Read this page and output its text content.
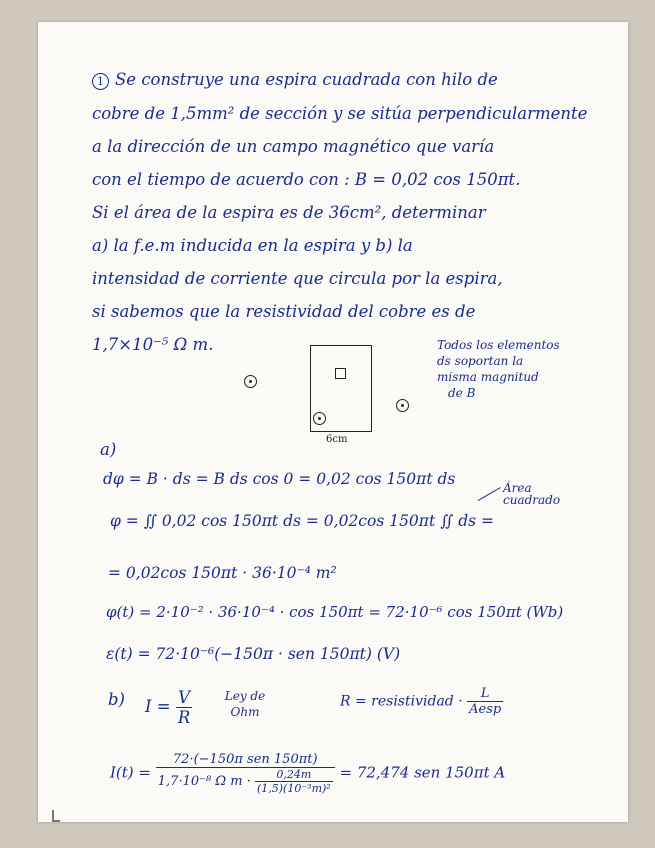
1 Se construye una espira cuadrada con hilo de
cobre de 1,5mm² de sección y se sitúa perpendicularmente
a la dirección de un campo magnético que varía
con el tiempo de acuerdo con : B = 0,02 cos 150πt.
Si el área de la espira es de 36cm², determinar
a) la f.e.m inducida en la espira y b) la
intensidad de corriente que circula por la espira,
si sabemos que la resistividad del cobre es de
1,7×10⁻⁵ Ω m.
6cm
Todos los elementos
ds soportan la
misma magnitud
de B
a)
dφ = B · ds = B ds cos 0 = 0,02 cos 150πt ds	Área cuadrado
φ = ∬ 0,02 cos 150πt ds = 0,02cos 150πt ∬ ds =
= 0,02cos 150πt · 36·10⁻⁴ m²
φ(t) = 2·10⁻² · 36·10⁻⁴ · cos 150πt = 72·10⁻⁶ cos 150πt (Wb)
ε(t) = 72·10⁻⁶(−150π · sen 150πt) (V)
b) $I = \frac{V}{R}$	Ley de Ohm
R = resistividad · $\frac{L}{\text{Aesp}}$
$I(t) = \frac{\text{72·(−150π sen 150πt)}}{1,7\cdot 10^{-8} \Omega m \cdot \frac{0,24m}{\text{(1,5)(10⁻³m)²}}} = 72,474$ sen 150πt A
